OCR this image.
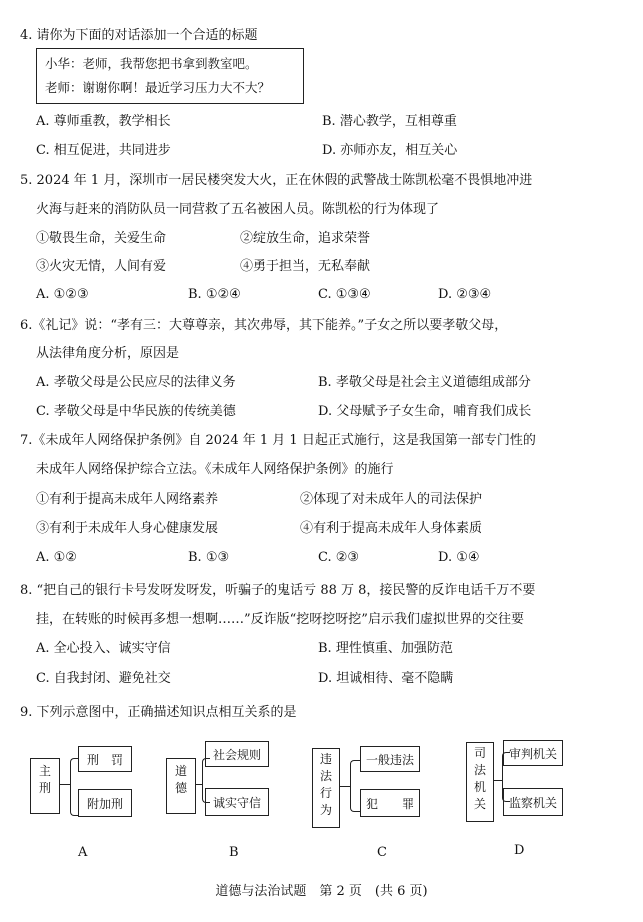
4. 请你为下面的对话添加一个合适的标题
小华：老师，我帮您把书拿到教室吧。
老师：谢谢你啊！最近学习压力大不大？
A. 尊师重教，教学相长	B. 潜心教学，互相尊重
C. 相互促进，共同进步	D. 亦师亦友，相互关心
5. 2024 年 1 月，深圳市一居民楼突发大火，正在休假的武警战士陈凯松毫不畏惧地冲进
火海与赶来的消防队员一同营救了五名被困人员。陈凯松的行为体现了
①敬畏生命，关爱生命	②绽放生命，追求荣誉
③火灾无情，人间有爱	④勇于担当，无私奉献
A. ①②③	B. ①②④	C. ①③④	D. ②③④
6.《礼记》说：“孝有三：大尊尊亲，其次弗辱，其下能养。”子女之所以要孝敬父母，
从法律角度分析，原因是
A. 孝敬父母是公民应尽的法律义务	B. 孝敬父母是社会主义道德组成部分
C. 孝敬父母是中华民族的传统美德	D. 父母赋予子女生命，哺育我们成长
7.《未成年人网络保护条例》自 2024 年 1 月 1 日起正式施行，这是我国第一部专门性的
未成年人网络保护综合立法。《未成年人网络保护条例》的施行
①有利于提高未成年人网络素养	②体现了对未成年人的司法保护
③有利于未成年人身心健康发展	④有利于提高未成年人身体素质
A. ①②	B. ①③	C. ②③	D. ①④
8. “把自己的银行卡号发呀发呀发，听骗子的鬼话亏 88 万 8，接民警的反诈电话千万不要
挂，在转账的时候再多想一想啊……”反诈版“挖呀挖呀挖”启示我们虚拟世界的交往要
A. 全心投入、诚实守信	B. 理性慎重、加强防范
C. 自我封闭、避免社交	D. 坦诚相待、毫不隐瞒
9. 下列示意图中，正确描述知识点相互关系的是
主
刑
刑　罚
附加刑
A
道
德
社会规则
诚实守信
B
违
法
行
为
一般违法
犯　　罪
C
司
法
机
关
审判机关
监察机关
D
道德与法治试题　第 2 页　(共 6 页)
